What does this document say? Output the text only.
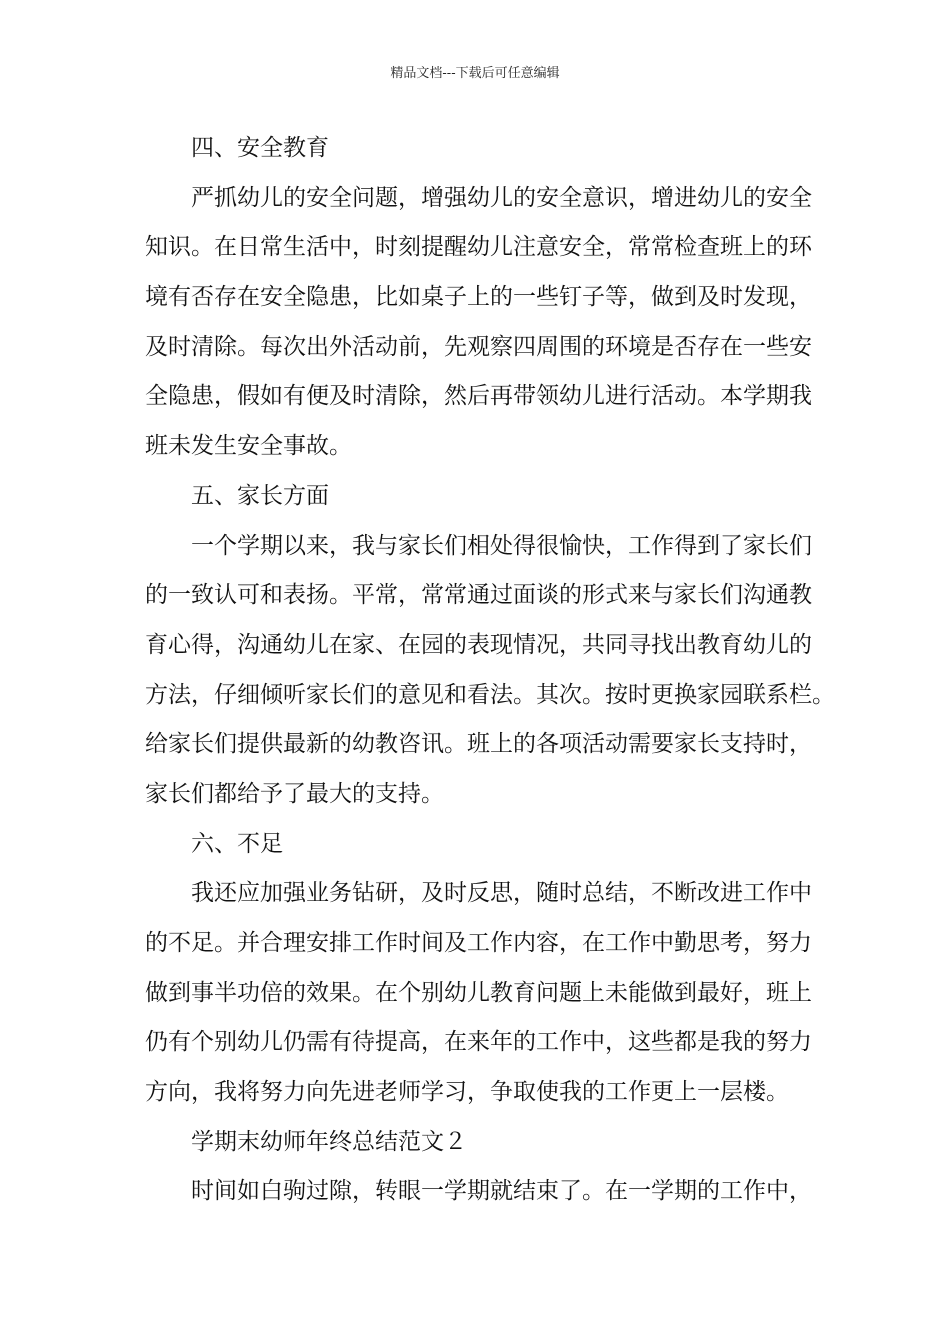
精品文档---下载后可任意编辑
四、安全教育
严抓幼儿的安全问题，增强幼儿的安全意识，增进幼儿的安全
知识。在日常生活中，时刻提醒幼儿注意安全，常常检查班上的环
境有否存在安全隐患，比如桌子上的一些钉子等，做到及时发现，
及时清除。每次出外活动前，先观察四周围的环境是否存在一些安
全隐患，假如有便及时清除，然后再带领幼儿进行活动。本学期我
班未发生安全事故。
五、家长方面
一个学期以来，我与家长们相处得很愉快，工作得到了家长们
的一致认可和表扬。平常，常常通过面谈的形式来与家长们沟通教
育心得，沟通幼儿在家、在园的表现情况，共同寻找出教育幼儿的
方法，仔细倾听家长们的意见和看法。其次。按时更换家园联系栏。
给家长们提供最新的幼教咨讯。班上的各项活动需要家长支持时，
家长们都给予了最大的支持。
六、不足
我还应加强业务钻研，及时反思，随时总结，不断改进工作中
的不足。并合理安排工作时间及工作内容，在工作中勤思考，努力
做到事半功倍的效果。在个别幼儿教育问题上未能做到最好，班上
仍有个别幼儿仍需有待提高，在来年的工作中，这些都是我的努力
方向，我将努力向先进老师学习，争取使我的工作更上一层楼。
学期末幼师年终总结范文２
时间如白驹过隙，转眼一学期就结束了。在一学期的工作中，
